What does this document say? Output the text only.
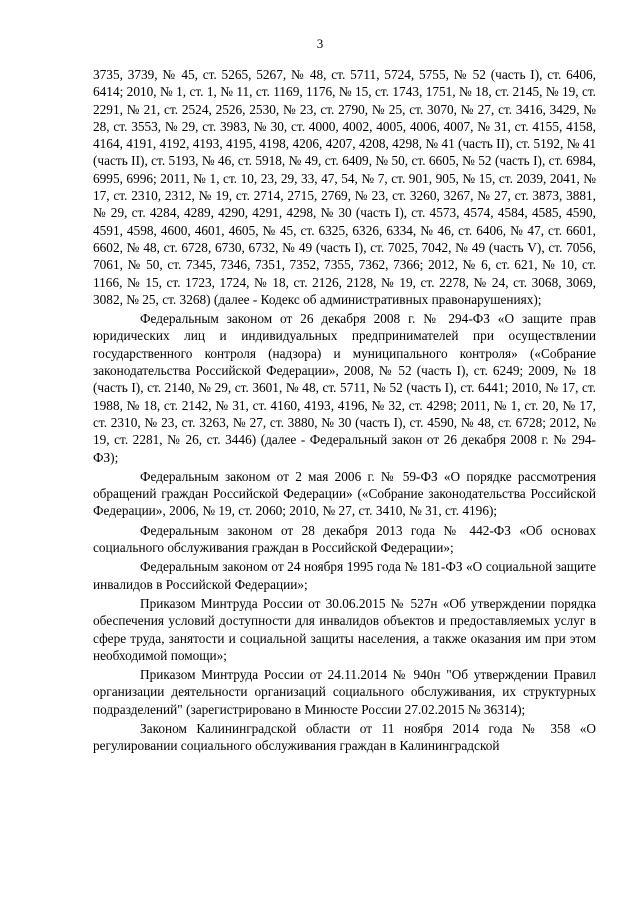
3

3735, 3739, № 45, ст. 5265, 5267, № 48, ст. 5711, 5724, 5755, № 52 (часть I), ст. 6406, 6414; 2010, № 1, ст. 1, № 11, ст. 1169, 1176, № 15, ст. 1743, 1751, № 18, ст. 2145, № 19, ст. 2291, № 21, ст. 2524, 2526, 2530, № 23, ст. 2790, № 25, ст. 3070, № 27, ст. 3416, 3429, № 28, ст. 3553, № 29, ст. 3983, № 30, ст. 4000, 4002, 4005, 4006, 4007, № 31, ст. 4155, 4158, 4164, 4191, 4192, 4193, 4195, 4198, 4206, 4207, 4208, 4298, № 41 (часть II), ст. 5192, № 41 (часть II), ст. 5193, № 46, ст. 5918, № 49, ст. 6409, № 50, ст. 6605, № 52 (часть I), ст. 6984, 6995, 6996; 2011, № 1, ст. 10, 23, 29, 33, 47, 54, № 7, ст. 901, 905, № 15, ст. 2039, 2041, № 17, ст. 2310, 2312, № 19, ст. 2714, 2715, 2769, № 23, ст. 3260, 3267, № 27, ст. 3873, 3881, № 29, ст. 4284, 4289, 4290, 4291, 4298, № 30 (часть I), ст. 4573, 4574, 4584, 4585, 4590, 4591, 4598, 4600, 4601, 4605, № 45, ст. 6325, 6326, 6334, № 46, ст. 6406, № 47, ст. 6601, 6602, № 48, ст. 6728, 6730, 6732, № 49 (часть I), ст. 7025, 7042, № 49 (часть V), ст. 7056, 7061, № 50, ст. 7345, 7346, 7351, 7352, 7355, 7362, 7366; 2012, № 6, ст. 621, № 10, ст. 1166, № 15, ст. 1723, 1724, № 18, ст. 2126, 2128, № 19, ст. 2278, № 24, ст. 3068, 3069, 3082, № 25, ст. 3268) (далее - Кодекс об административных правонарушениях);

Федеральным законом от 26 декабря 2008 г. № 294-ФЗ «О защите прав юридических лиц и индивидуальных предпринимателей при осуществлении государственного контроля (надзора) и муниципального контроля» («Собрание законодательства Российской Федерации», 2008, № 52 (часть I), ст. 6249; 2009, № 18 (часть I), ст. 2140, № 29, ст. 3601, № 48, ст. 5711, № 52 (часть I), ст. 6441; 2010, № 17, ст. 1988, № 18, ст. 2142, № 31, ст. 4160, 4193, 4196, № 32, ст. 4298; 2011, № 1, ст. 20, № 17, ст. 2310, № 23, ст. 3263, № 27, ст. 3880, № 30 (часть I), ст. 4590, № 48, ст. 6728; 2012, № 19, ст. 2281, № 26, ст. 3446) (далее - Федеральный закон от 26 декабря 2008 г. № 294-ФЗ);

Федеральным законом от 2 мая 2006 г. № 59-ФЗ «О порядке рассмотрения обращений граждан Российской Федерации» («Собрание законодательства Российской Федерации», 2006, № 19, ст. 2060; 2010, № 27, ст. 3410, № 31, ст. 4196);

Федеральным законом от 28 декабря 2013 года № 442-ФЗ «Об основах социального обслуживания граждан в Российской Федерации»;

Федеральным законом от 24 ноября 1995 года № 181-ФЗ «О социальной защите инвалидов в Российской Федерации»;

Приказом Минтруда России от 30.06.2015 № 527н «Об утверждении порядка обеспечения условий доступности для инвалидов объектов и предоставляемых услуг в сфере труда, занятости и социальной защиты населения, а также оказания им при этом необходимой помощи»;

Приказом Минтруда России от 24.11.2014 № 940н "Об утверждении Правил организации деятельности организаций социального обслуживания, их структурных подразделений" (зарегистрировано в Минюсте России 27.02.2015 № 36314);

Законом Калининградской области от 11 ноября 2014 года № 358 «О регулировании социального обслуживания граждан в Калининградской
